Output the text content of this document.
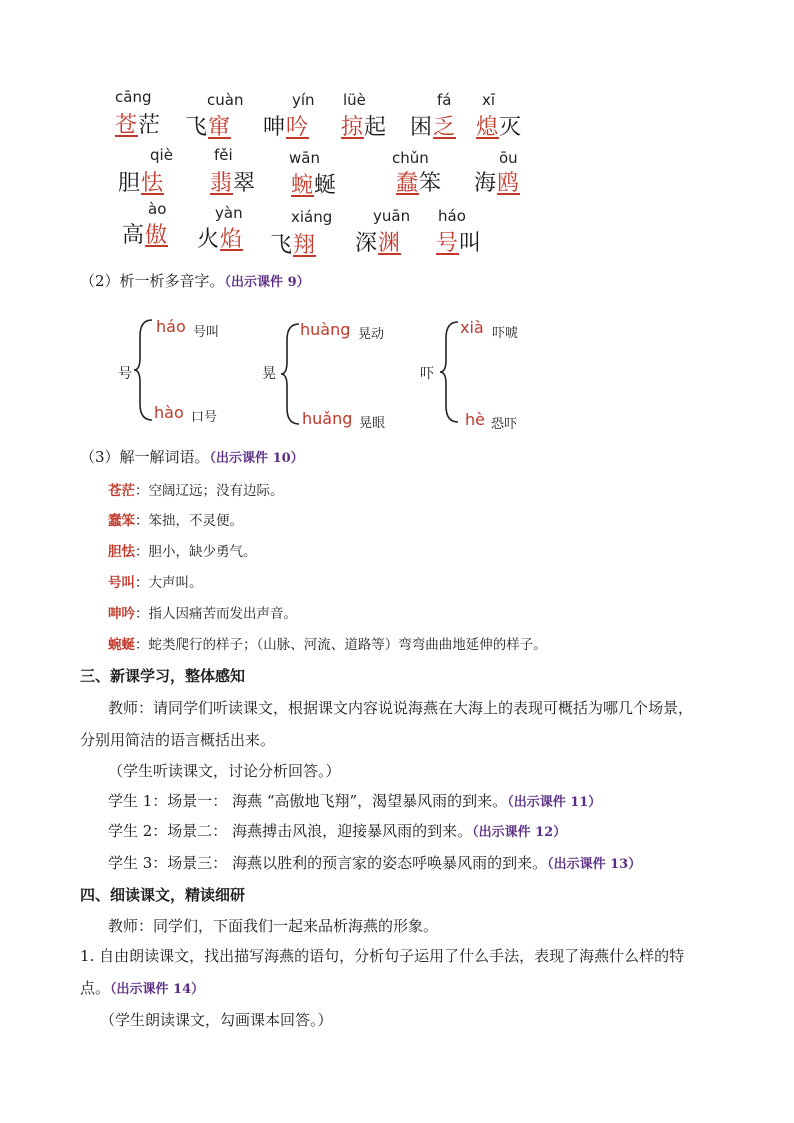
cāng
苍茫
cuàn
飞窜
yín
呻吟
lüè
掠起
fá
困乏
xī
熄灭
qiè
胆怯
fěi
翡翠
wān
蜿蜒
chǔn
蠢笨
ōu
海鸥
ào
高傲
yàn
火焰
xiáng
飞翔
yuān
深渊
háo
号叫
（2）析一析多音字。（出示课件 9）
号
háo 号叫
hào 口号
晃
huàng 晃动
huǎng 晃眼
吓
xià 吓唬
hè 恐吓
（3）解一解词语。（出示课件 10）
苍茫：空阔辽远；没有边际。
蠢笨：笨拙，不灵便。
胆怯：胆小，缺少勇气。
号叫：大声叫。
呻吟：指人因痛苦而发出声音。
蜿蜒：蛇类爬行的样子；（山脉、河流、道路等）弯弯曲曲地延伸的样子。
三、新课学习，整体感知
教师：请同学们听读课文，根据课文内容说说海燕在大海上的表现可概括为哪几个场景，
分别用简洁的语言概括出来。
（学生听读课文，讨论分析回答。）
学生 1：场景一： 海燕 “高傲地飞翔”，渴望暴风雨的到来。（出示课件 11）
学生 2：场景二： 海燕搏击风浪，迎接暴风雨的到来。（出示课件 12）
学生 3：场景三： 海燕以胜利的预言家的姿态呼唤暴风雨的到来。（出示课件 13）
四、细读课文，精读细研
教师：同学们，下面我们一起来品析海燕的形象。
1. 自由朗读课文，找出描写海燕的语句，分析句子运用了什么手法，表现了海燕什么样的特
点。（出示课件 14）
（学生朗读课文，勾画课本回答。）
